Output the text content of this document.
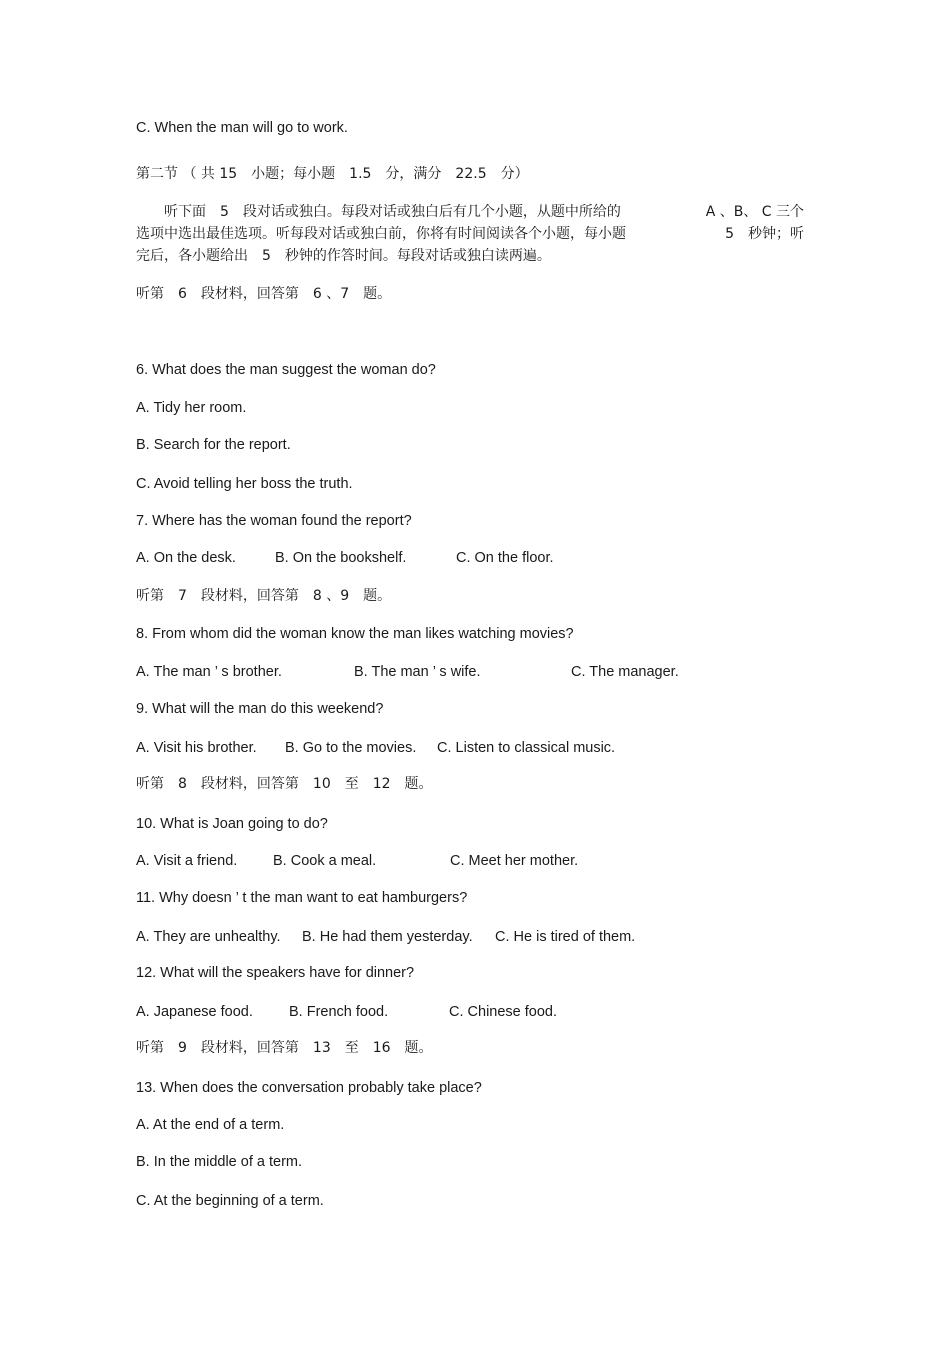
C. When the man will go to work.
第二节 （ 共 15　小题；每小题　1.5　分，满分　22.5　分）
　　听下面　5　段对话或独白。每段对话或独白后有几个小题，从题中所给的	A 、B、 C 三个
选项中选出最佳选项。听每段对话或独白前，你将有时间阅读各个小题，每小题	5　秒钟；听
完后，各小题给出　5　秒钟的作答时间。每段对话或独白读两遍。
听第　6　段材料，回答第　6 、7　题。
6. What does the man suggest the woman do?
A. Tidy her room.
B. Search for the report.
C. Avoid telling her boss the truth.
7. Where has the woman found the report?
A. On the desk.	B. On the bookshelf.	C. On the floor.
听第　7　段材料，回答第　8 、9　题。
8. From whom did the woman know the man likes watching movies?
A. The man ’ s brother.	B. The man ’ s wife.	C. The manager.
9. What will the man do this weekend?
A. Visit his brother. B. Go to the movies. C. Listen to classical music.
听第　8　段材料，回答第　10　至　12　题。
10. What is Joan going to do?
A. Visit a friend. B. Cook a meal.	C. Meet her mother.
11. Why doesn ’ t the man want to eat hamburgers?
A. They are unhealthy. B. He had them yesterday. C. He is tired of them.
12. What will the speakers have for dinner?
A. Japanese food. B. French food.	C. Chinese food.
听第　9　段材料，回答第　13　至　16　题。
13. When does the conversation probably take place?
A. At the end of a term.
B. In the middle of a term.
C. At the beginning of a term.
